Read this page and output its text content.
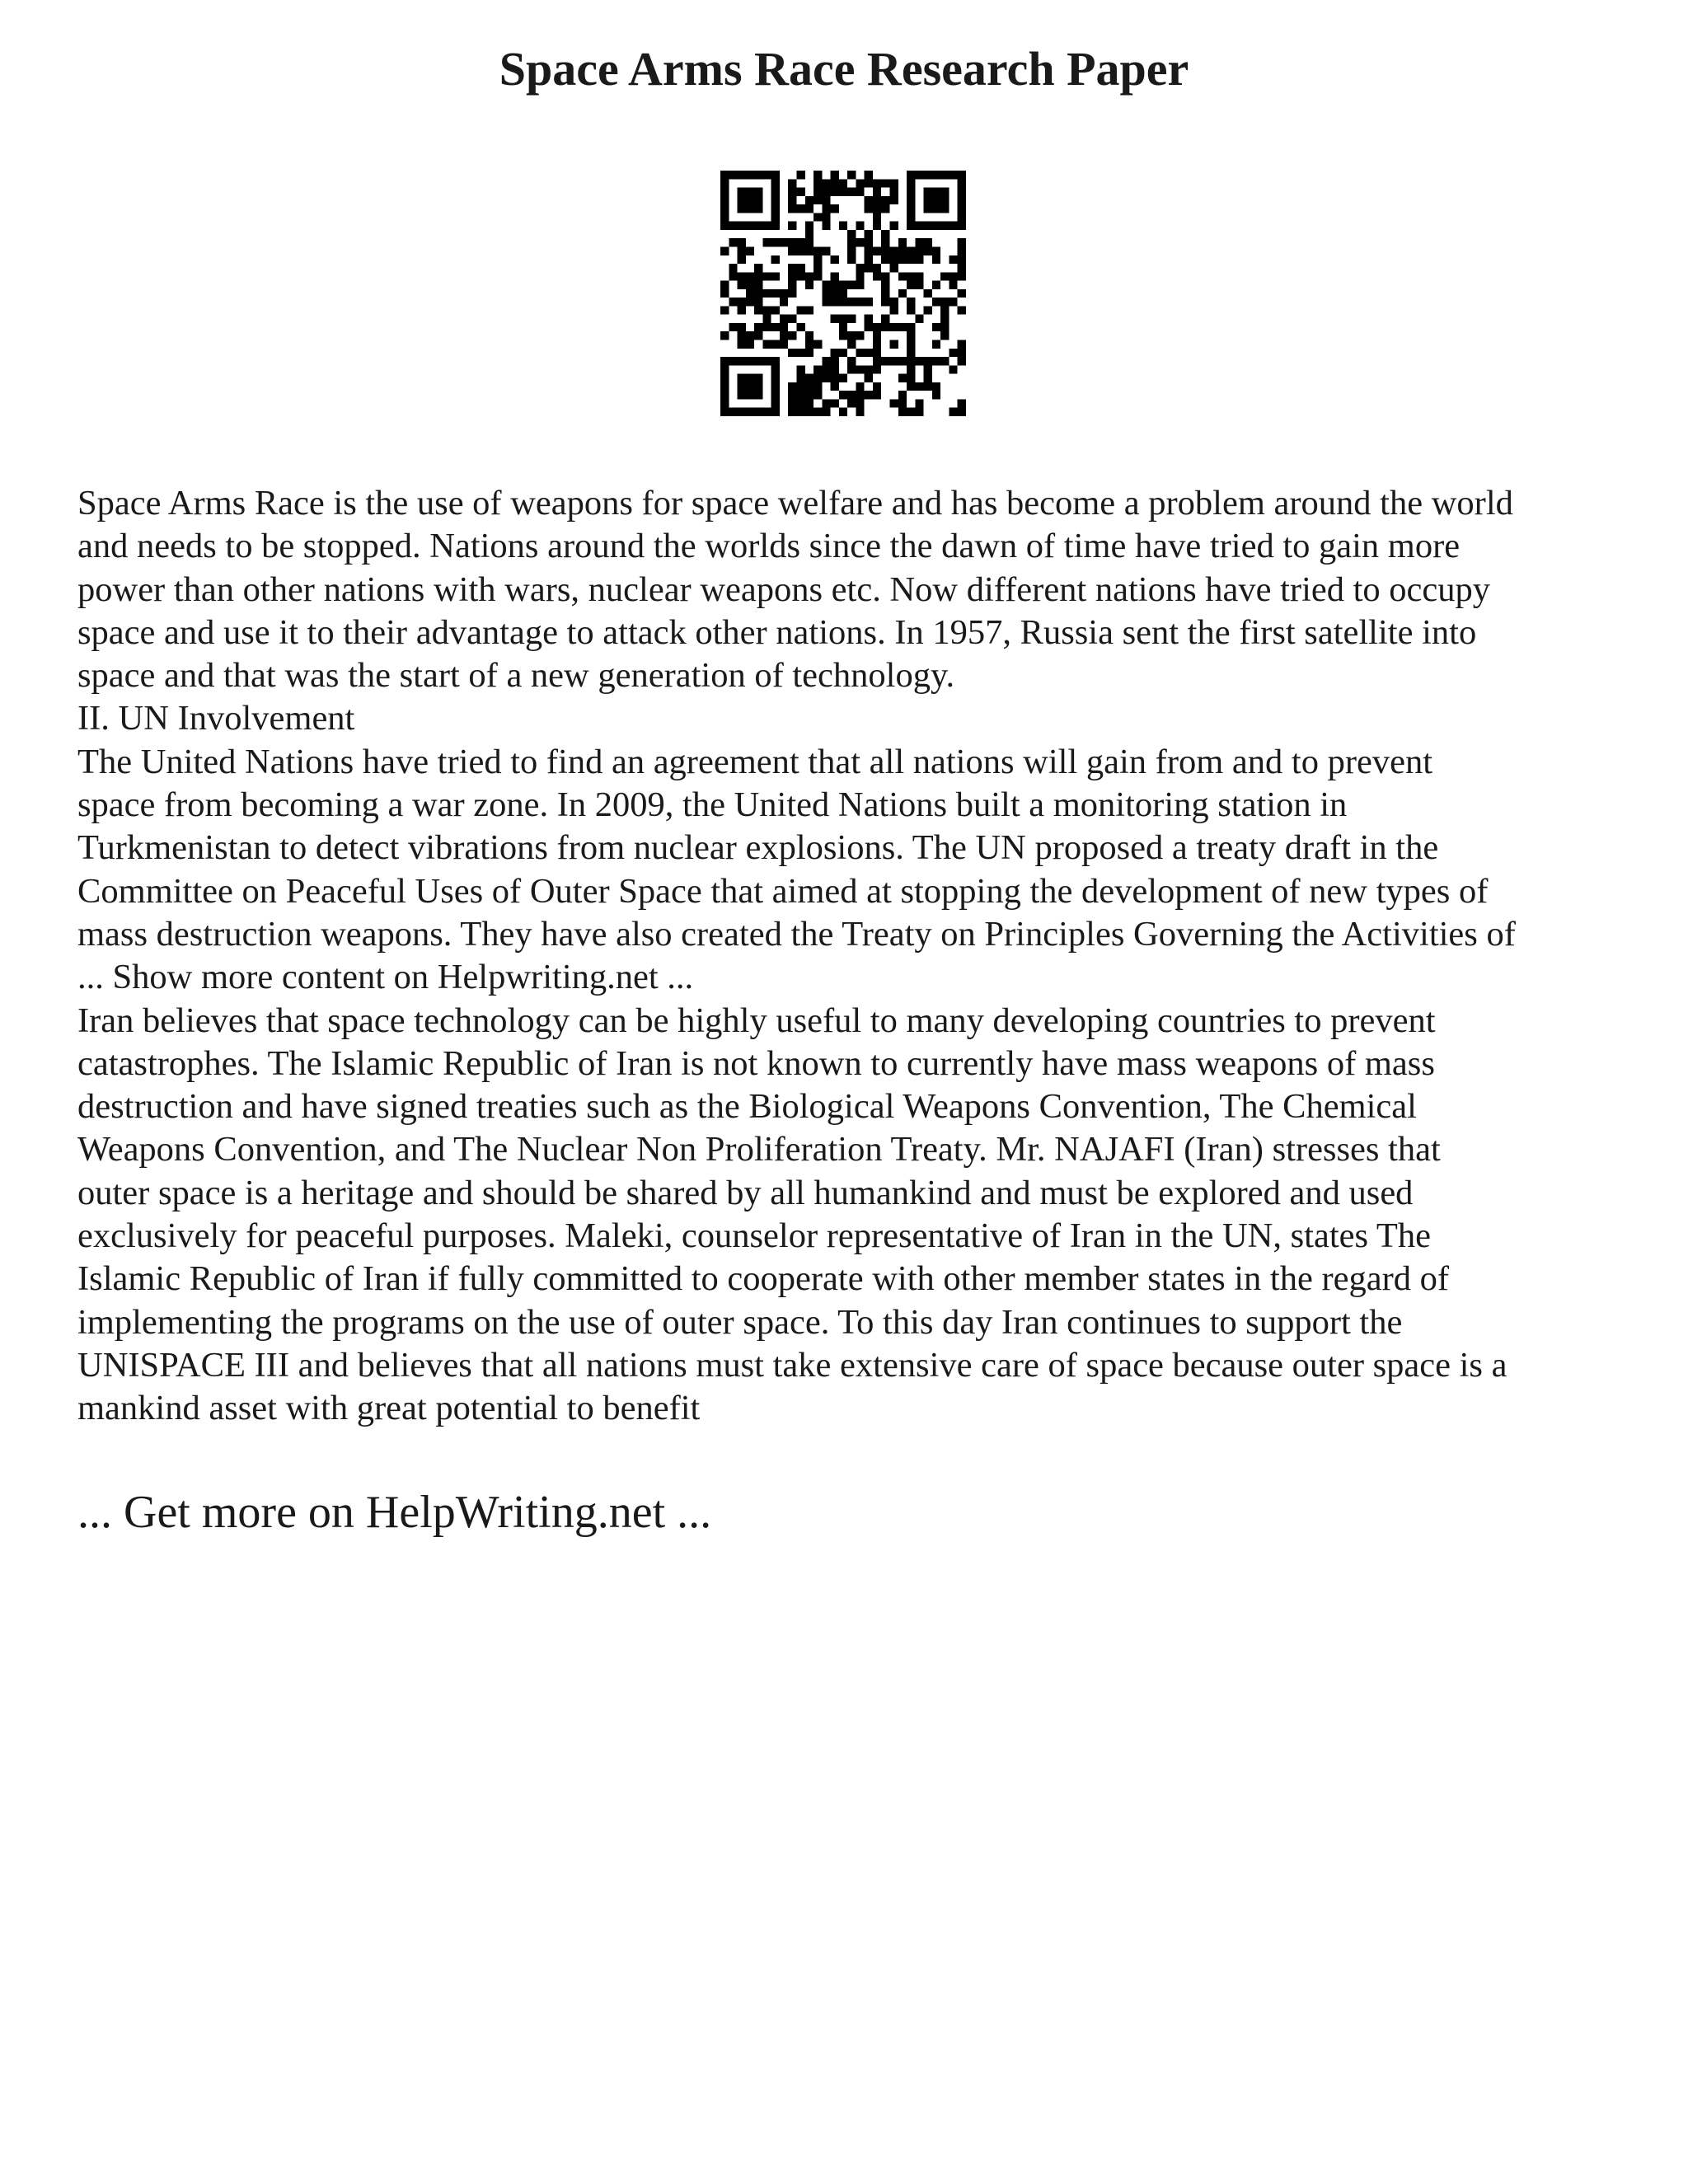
Space Arms Race Research Paper

Space Arms Race is the use of weapons for space welfare and has become a problem around the world

and needs to be stopped. Nations around the worlds since the dawn of time have tried to gain more

power than other nations with wars, nuclear weapons etc. Now different nations have tried to occupy

space and use it to their advantage to attack other nations. In 1957, Russia sent the first satellite into

space and that was the start of a new generation of technology.

II. UN Involvement

The United Nations have tried to find an agreement that all nations will gain from and to prevent

space from becoming a war zone. In 2009, the United Nations built a monitoring station in

Turkmenistan to detect vibrations from nuclear explosions. The UN proposed a treaty draft in the

Committee on Peaceful Uses of Outer Space that aimed at stopping the development of new types of

mass destruction weapons. They have also created the Treaty on Principles Governing the Activities of

... Show more content on Helpwriting.net ...

Iran believes that space technology can be highly useful to many developing countries to prevent

catastrophes. The Islamic Republic of Iran is not known to currently have mass weapons of mass

destruction and have signed treaties such as the Biological Weapons Convention, The Chemical

Weapons Convention, and The Nuclear Non Proliferation Treaty. Mr. NAJAFI (Iran) stresses that

outer space is a heritage and should be shared by all humankind and must be explored and used

exclusively for peaceful purposes. Maleki, counselor representative of Iran in the UN, states The

Islamic Republic of Iran if fully committed to cooperate with other member states in the regard of

implementing the programs on the use of outer space. To this day Iran continues to support the

UNISPACE III and believes that all nations must take extensive care of space because outer space is a

mankind asset with great potential to benefit

... Get more on HelpWriting.net ...
